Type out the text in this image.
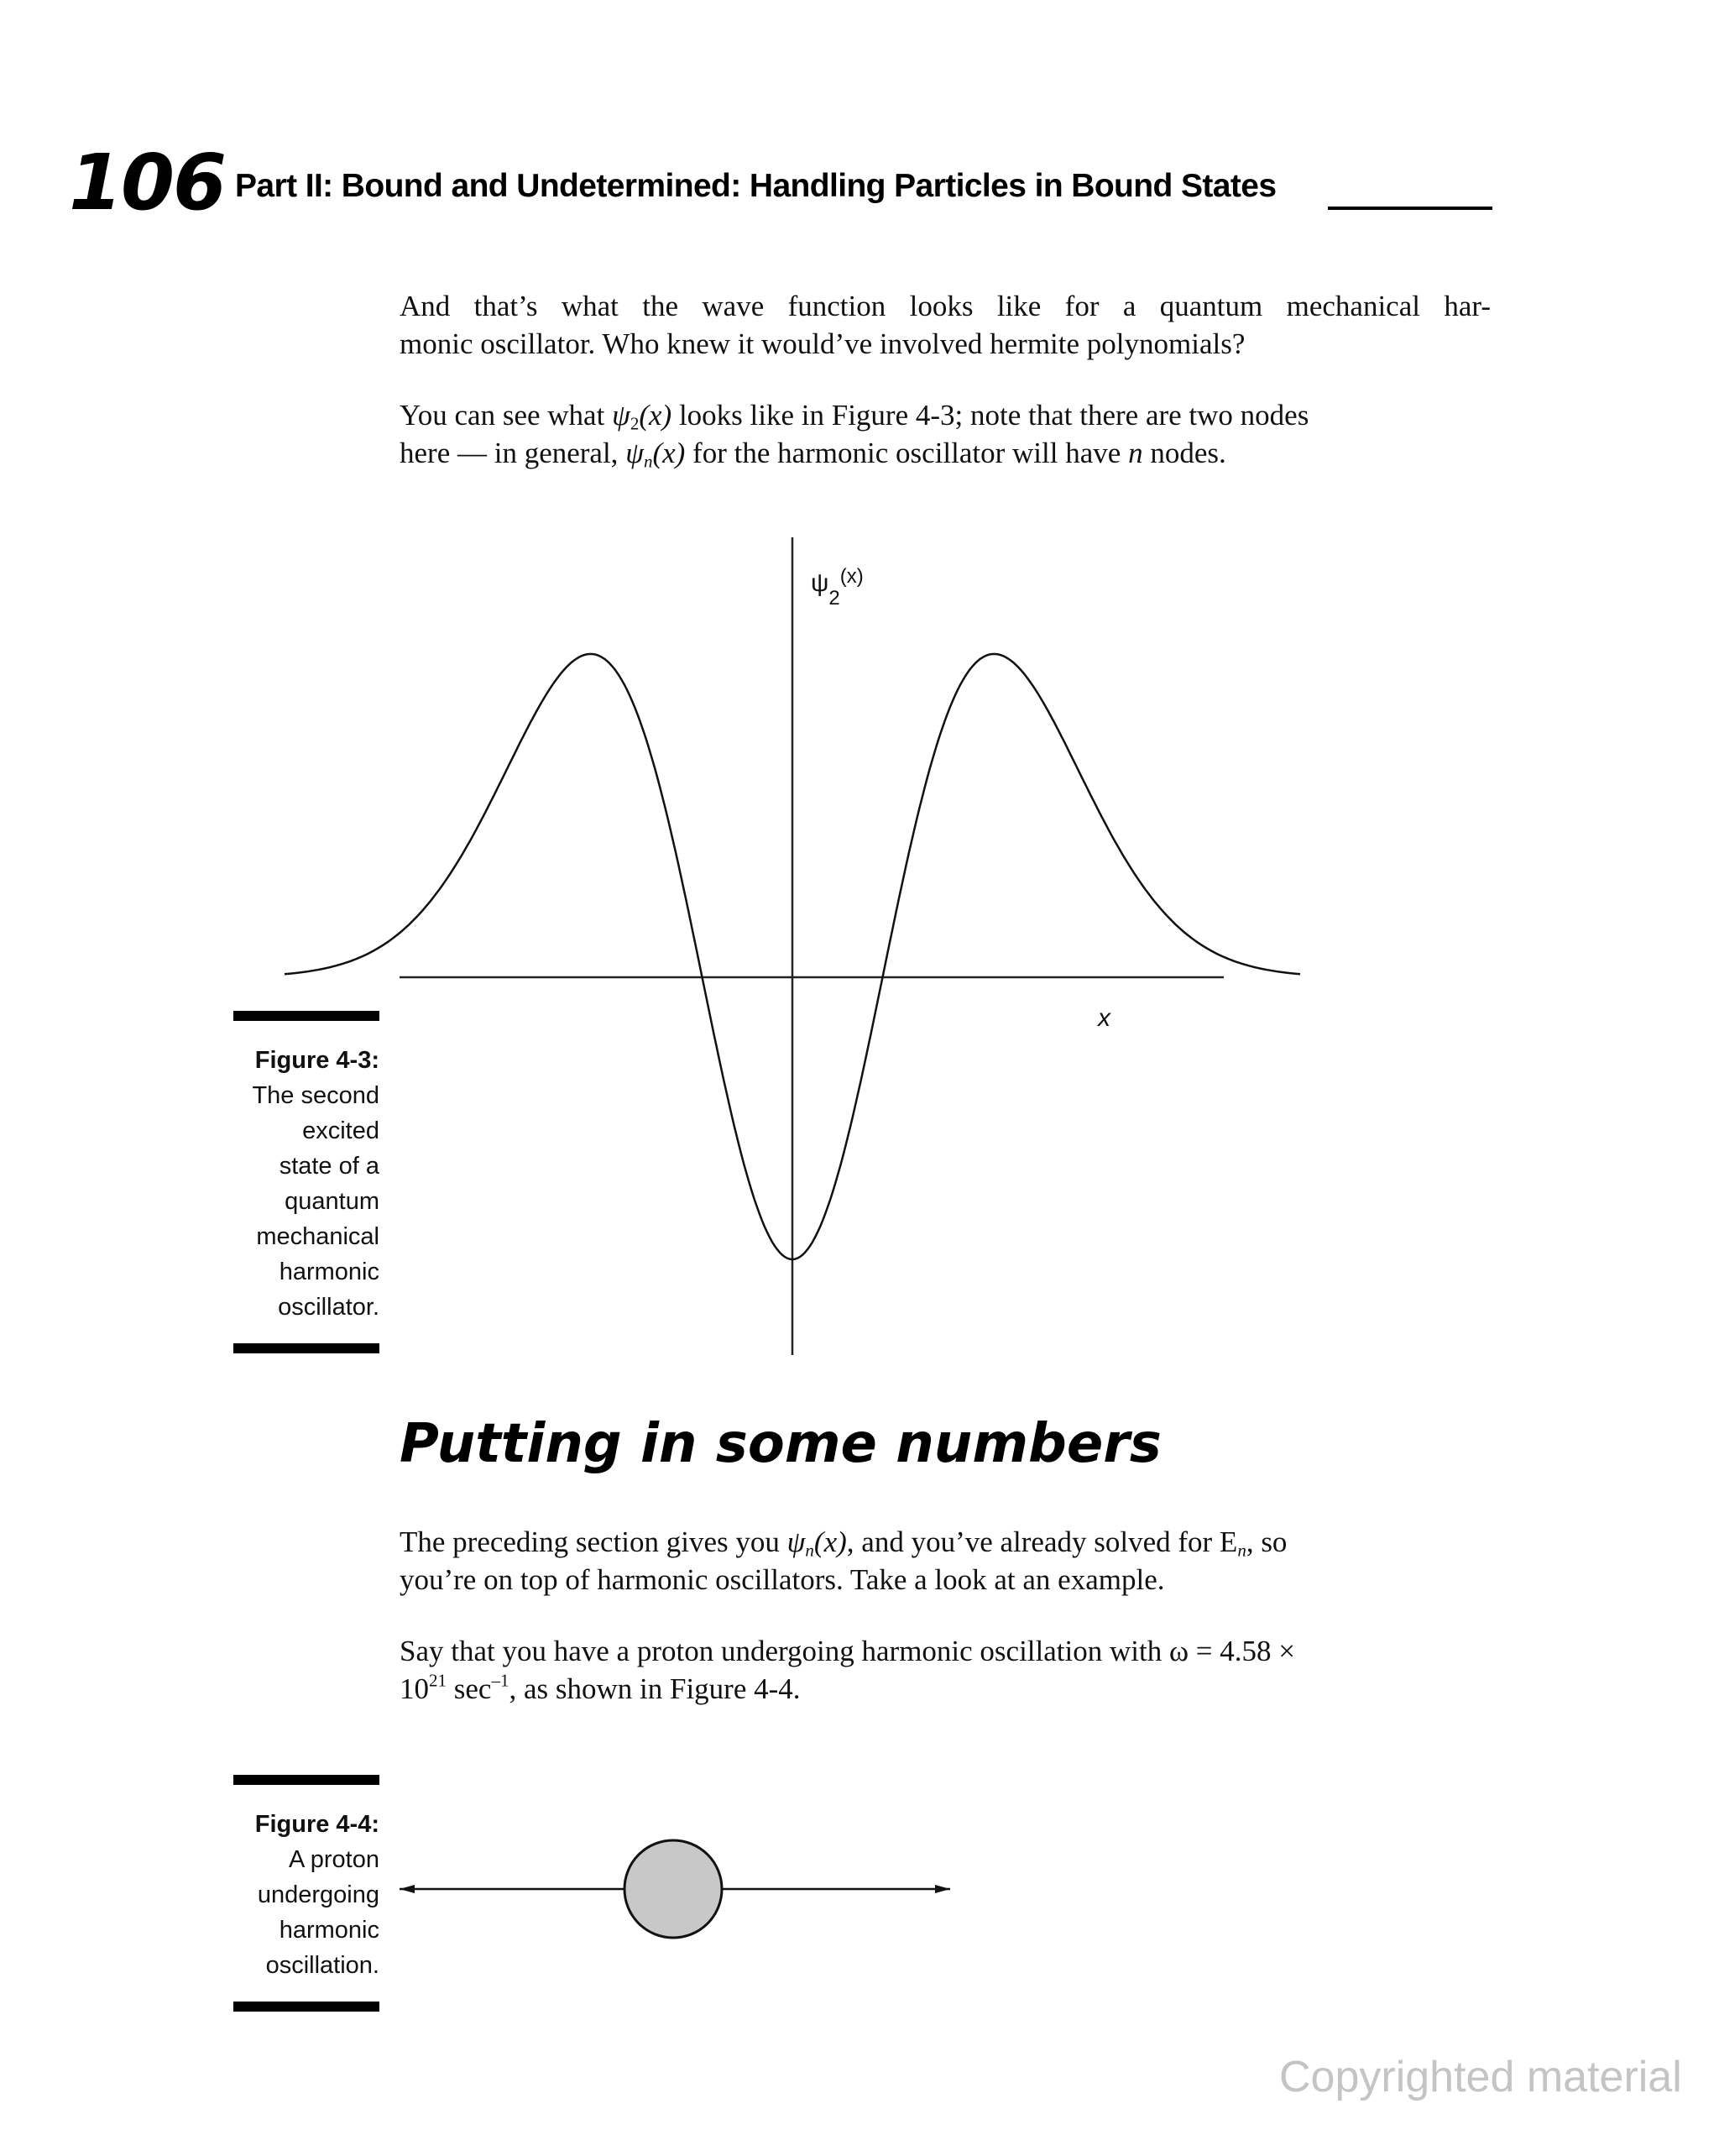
106 Part II: Bound and Undetermined: Handling Particles in Bound States

And that’s what the wave function looks like for a quantum mechanical har-
monic oscillator. Who knew it would’ve involved hermite polynomials?

You can see what $\psi_2(x)$ looks like in Figure 4-3; note that there are two nodes
here — in general, $\psi_n(x)$ for the harmonic oscillator will have n nodes.

$\psi_2^{(x)}$
x
Figure 4-3:
The second
excited
state of a
quantum
mechanical
harmonic
oscillator.
Putting in some numbers

The preceding section gives you $\psi_n(x)$, and you’ve already solved for $E_n$, so
you’re on top of harmonic oscillators. Take a look at an example.

Say that you have a proton undergoing harmonic oscillation with ω = 4.58 ×
$10^{21}$ $\sec^{-1}$, as shown in Figure 4-4.

Figure 4-4:
A proton
undergoing
harmonic
oscillation.
Copyrighted material
